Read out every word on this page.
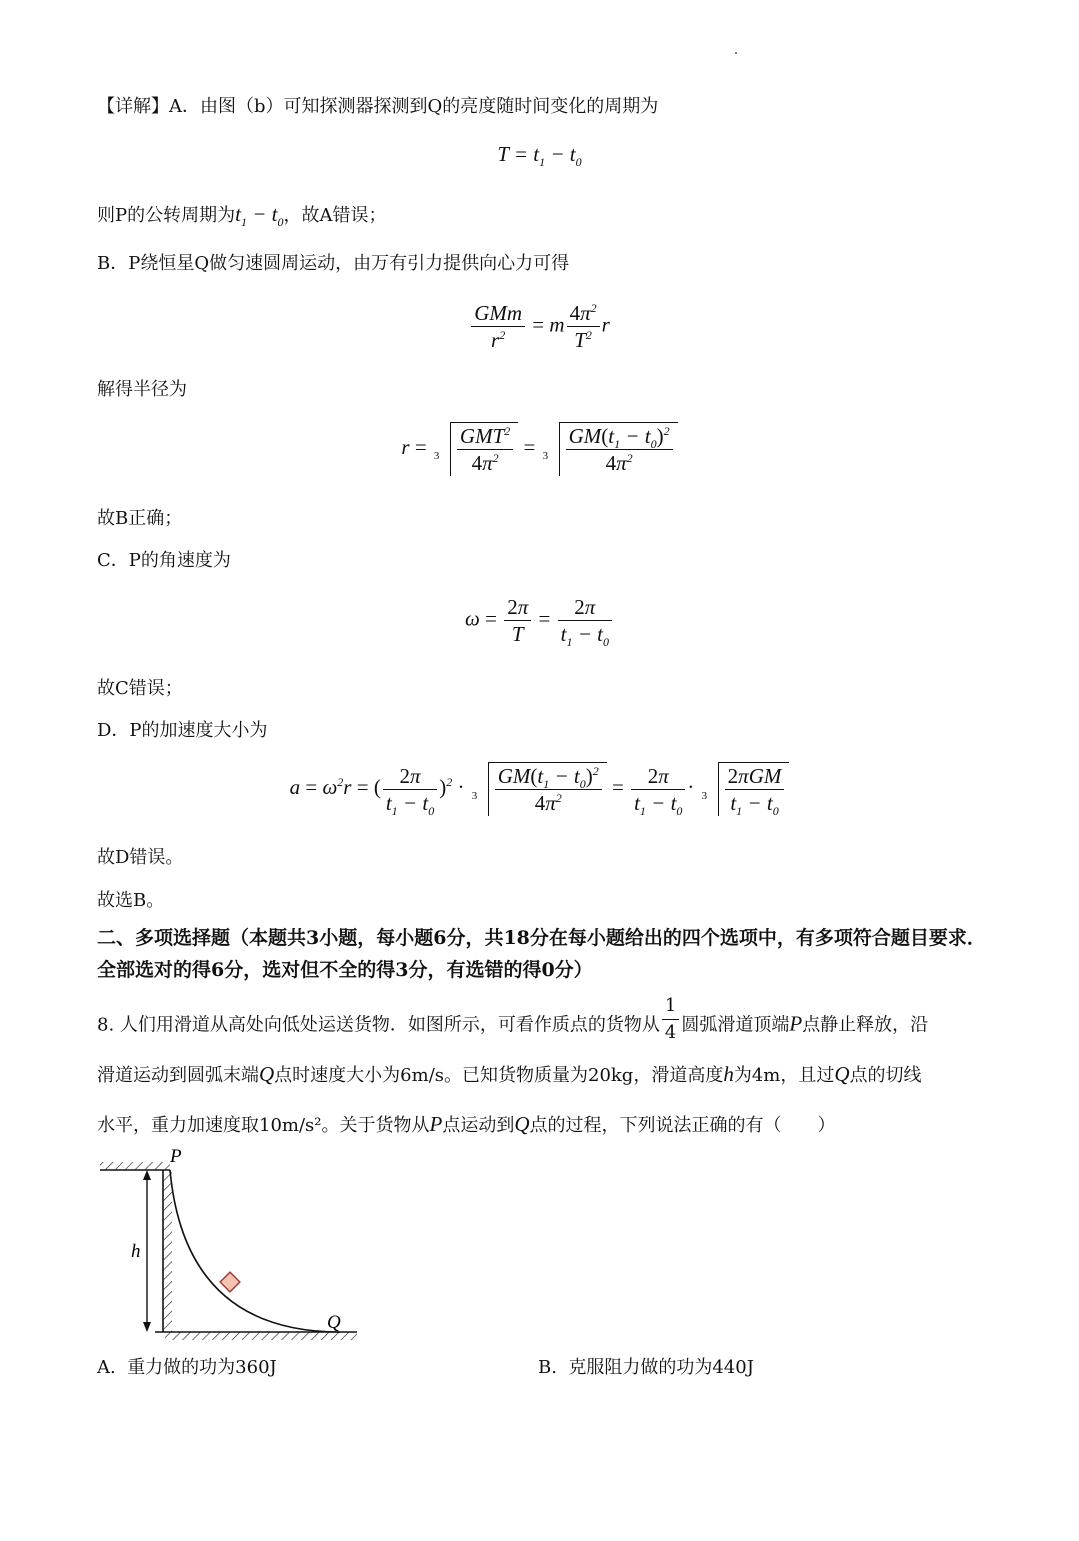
【详解】A．由图（b）可知探测器探测到Q的亮度随时间变化的周期为
$T = t_1 - t_0$
则P的公转周期为$t_1 - t_0$，故A错误；
B．P绕恒星Q做匀速圆周运动，由万有引力提供向心力可得
$\frac{\text{GMm}}{r^2} = m \frac{4\pi^2}{T^2}$ r
解得半径为
$r = 3 \frac{GMT^2}{4\pi^2} = 3 \frac{GM(t_1 - t_0)^2}{4\pi^2}$
故B正确；
C．P的角速度为
$\omega = \frac{2\pi}{T} = \frac{2\pi}{t_1 - t_0}$
故C错误；
D．P的加速度大小为
$a = \omega^2r$ = ( $\frac{2\pi}{t_1 - t_0} )^2 \cdot 3 \frac{GM(t_1 - t_0)^2}{4\pi^2} = \frac{2\pi}{t_1 - t_0} \cdot 3 \frac{\text{2πGM}}{t_1 - t_0}$
故D错误。
故选B。
二、多项选择题（本题共3小题，每小题6分，共18分在每小题给出的四个选项中，有多项符合题目要求．全部选对的得6分，选对但不全的得3分，有选错的得0分）
8. 人们用滑道从高处向低处运送货物．如图所示，可看作质点的货物从 $\frac{1}{4}$ 圆弧滑道顶端P点静止释放，沿
滑道运动到圆弧末端Q点时速度大小为6m/s。已知货物质量为20kg，滑道高度h为4m，且过Q点的切线
水平，重力加速度取10m/s²。关于货物从P点运动到Q点的过程，下列说法正确的有（　　）
P
h
Q
A. 重力做的功为360J	B. 克服阻力做的功为440J
